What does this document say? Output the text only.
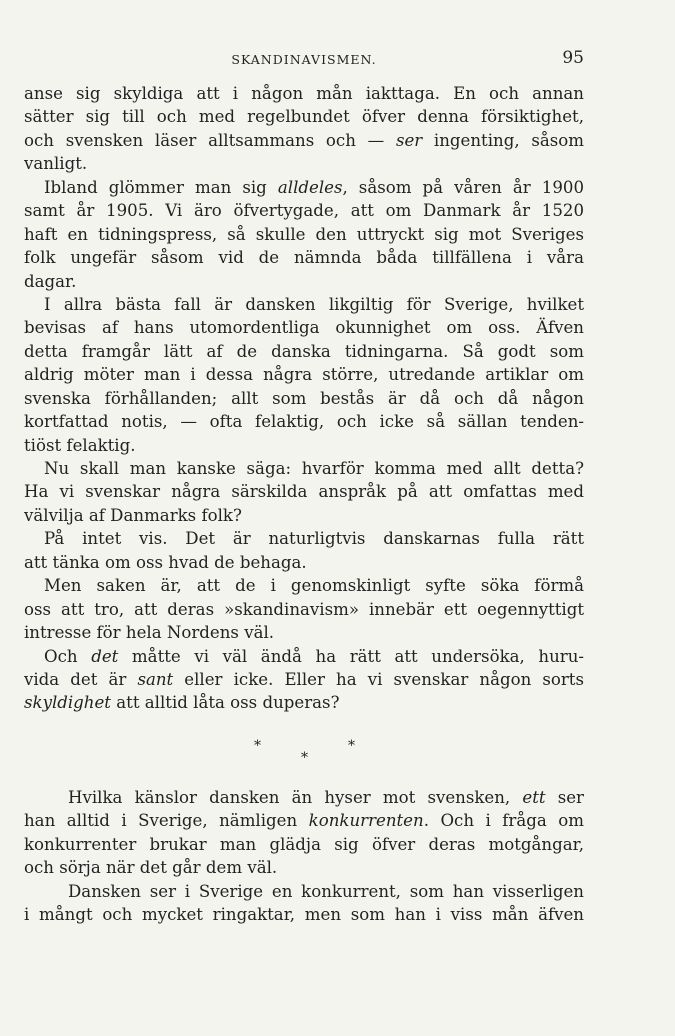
SKANDINAVISMEN.	95
anse sig skyldiga att i någon mån iakttaga. En och annan
sätter sig till och med regelbundet öfver denna försiktighet,
och svensken läser alltsammans och — ser ingenting, såsom
vanligt.
Ibland glömmer man sig alldeles, såsom på våren år 1900
samt år 1905. Vi äro öfvertygade, att om Danmark år 1520
haft en tidningspress, så skulle den uttryckt sig mot Sveriges
folk ungefär såsom vid de nämnda båda tillfällena i våra
dagar.
I allra bästa fall är dansken likgiltig för Sverige, hvilket
bevisas af hans utomordentliga okunnighet om oss. Äfven
detta framgår lätt af de danska tidningarna. Så godt som
aldrig möter man i dessa några större, utredande artiklar om
svenska förhållanden; allt som bestås är då och då någon
kortfattad notis, — ofta felaktig, och icke så sällan tenden-
tiöst felaktig.
Nu skall man kanske säga: hvarför komma med allt detta?
Ha vi svenskar några särskilda anspråk på att omfattas med
välvilja af Danmarks folk?
På intet vis. Det är naturligtvis danskarnas fulla rätt
att tänka om oss hvad de behaga.
Men saken är, att de i genomskinligt syfte söka förmå
oss att tro, att deras »skandinavism» innebär ett oegennyttigt
intresse för hela Nordens väl.
Och det måtte vi väl ändå ha rätt att undersöka, huru-
vida det är sant eller icke. Eller ha vi svenskar någon sorts
skyldighet att alltid låta oss duperas?
*	*
*
Hvilka känslor dansken än hyser mot svensken, ett ser
han alltid i Sverige, nämligen konkurrenten. Och i fråga om
konkurrenter brukar man glädja sig öfver deras motgångar,
och sörja när det går dem väl.
Dansken ser i Sverige en konkurrent, som han visserligen
i mångt och mycket ringaktar, men som han i viss mån äfven
